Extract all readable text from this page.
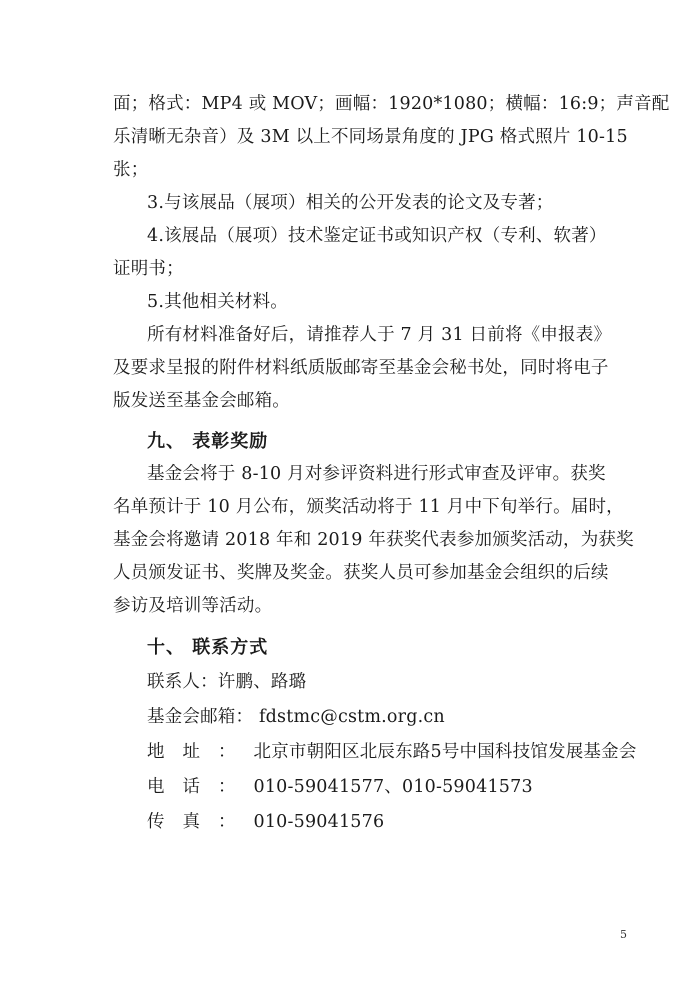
面；格式：MP4 或 MOV；画幅：1920*1080；横幅：16:9；声音配
乐清晰无杂音）及 3M 以上不同场景角度的 JPG 格式照片 10-15
张；
3.与该展品（展项）相关的公开发表的论文及专著；
4.该展品（展项）技术鉴定证书或知识产权（专利、软著）
证明书；
5.其他相关材料。
所有材料准备好后，请推荐人于 7 月 31 日前将《申报表》
及要求呈报的附件材料纸质版邮寄至基金会秘书处，同时将电子
版发送至基金会邮箱。
九、 表彰奖励
基金会将于 8-10 月对参评资料进行形式审查及评审。获奖
名单预计于 10 月公布，颁奖活动将于 11 月中下旬举行。届时，
基金会将邀请 2018 年和 2019 年获奖代表参加颁奖活动，为获奖
人员颁发证书、奖牌及奖金。获奖人员可参加基金会组织的后续
参访及培训等活动。
十、 联系方式
联系人：许鹏、路璐
基金会邮箱： fdstmc@cstm.org.cn
地址：北京市朝阳区北辰东路5号中国科技馆发展基金会
电话：010-59041577、010-59041573
传真：010-59041576
5
